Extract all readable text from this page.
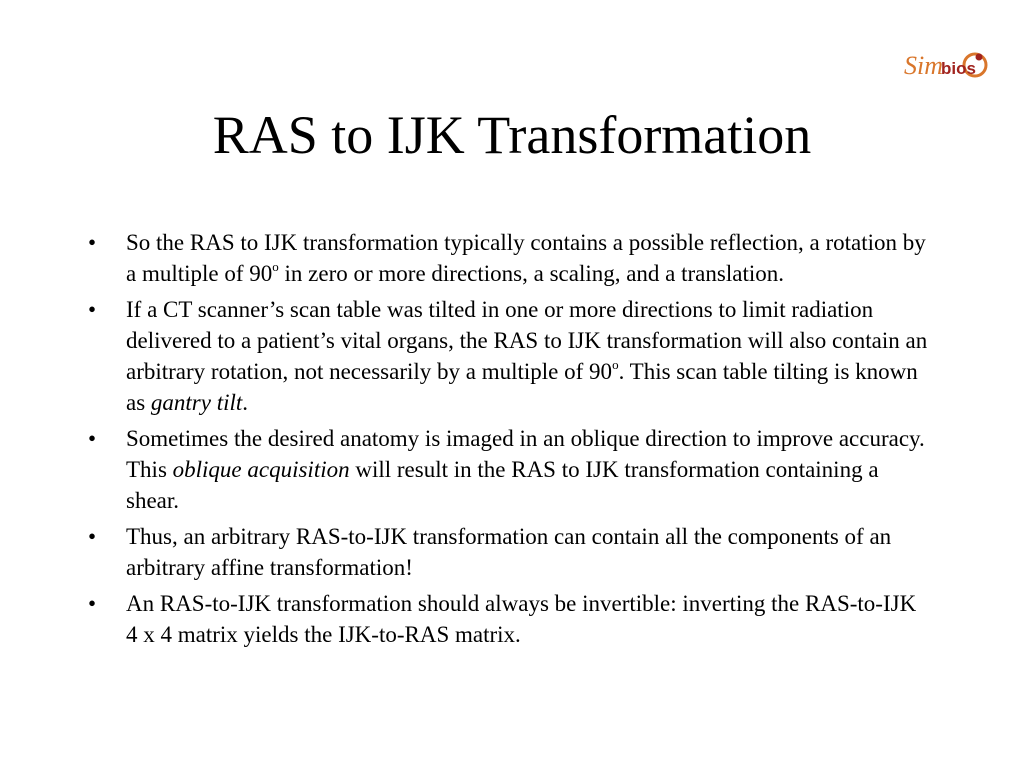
Sim
bios
RAS to IJK Transformation
• So the RAS to IJK transformation typically contains a possible reflection, a rotation by a multiple of 90$^o$ in zero or more directions, a scaling, and a translation.
• If a CT scanner’s scan table was tilted in one or more directions to limit radiation delivered to a patient’s vital organs, the RAS to IJK transformation will also contain an arbitrary rotation, not necessarily by a multiple of 90$^o$. This scan table tilting is known as gantry tilt.
• Sometimes the desired anatomy is imaged in an oblique direction to improve accuracy. This oblique acquisition will result in the RAS to IJK transformation containing a shear.
• Thus, an arbitrary RAS-to-IJK transformation can contain all the components of an arbitrary affine transformation!
• An RAS-to-IJK transformation should always be invertible: inverting the RAS-to-IJK 4 x 4 matrix yields the IJK-to-RAS matrix.
